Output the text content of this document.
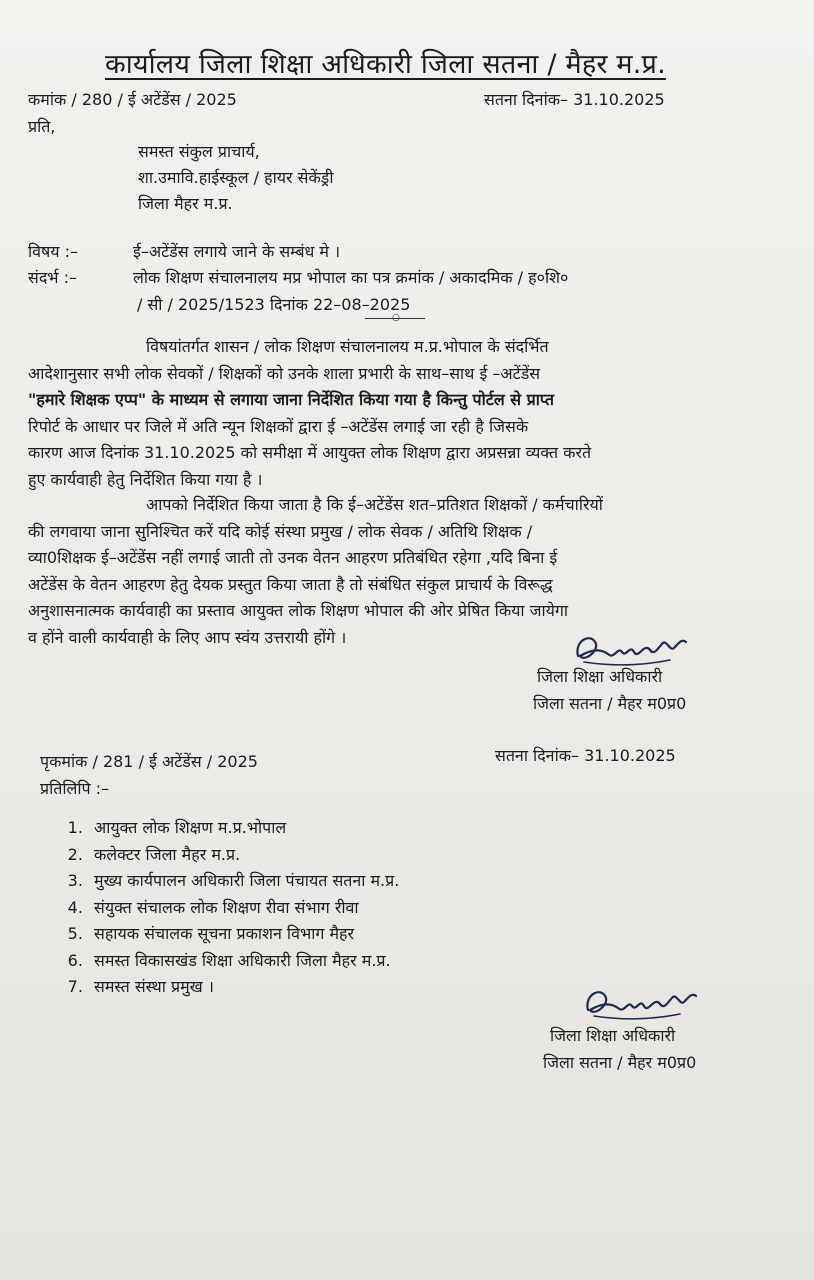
कार्यालय जिला शिक्षा अधिकारी जिला सतना / मैहर म.प्र.
कमांक / 280 / ई अटेंडेंस / 2025	सतना दिनांक– 31.10.2025
प्रति,
समस्त संकुल प्राचार्य,
शा.उमावि.हाईस्कूल / हायर सेकेंड्री
जिला मैहर म.प्र.
विषय :–	ई–अटेंडेंस लगाये जाने के सम्बंध मे ।
संदर्भ :–	लोक शिक्षण संचालनालय मप्र भोपाल का पत्र क्रमांक / अकादमिक / ह०शि०
/ सी / 2025/1523 दिनांक 22–08–2025
○
विषयांतर्गत शासन / लोक शिक्षण संचालनालय म.प्र.भोपाल के संदर्भित
आदेशानुसार सभी लोक सेवकों / शिक्षकों को उनके शाला प्रभारी के साथ–साथ ई –अटेंडेंस
"हमारे शिक्षक एप्प" के माध्यम से लगाया जाना निर्देशित किया गया है किन्तु पोर्टल से प्राप्त
रिपोर्ट के आधार पर जिले में अति न्यून शिक्षकों द्वारा ई –अटेंडेंस लगाई जा रही है जिसके
कारण आज दिनांक 31.10.2025 को समीक्षा में आयुक्त लोक शिक्षण द्वारा अप्रसन्ना व्यक्त करते
हुए कार्यवाही हेतु निर्देशित किया गया है ।
आपको निर्देशित किया जाता है कि ई–अटेंडेंस शत–प्रतिशत शिक्षकों / कर्मचारियों
की लगवाया जाना सुनिश्चित करें यदि कोई संस्था प्रमुख / लोक सेवक / अतिथि शिक्षक /
व्या0शिक्षक ई–अटेंडेंस नहीं लगाई जाती तो उनक वेतन आहरण प्रतिबंधित रहेगा ,यदि बिना ई
अटेंडेंस के वेतन आहरण हेतु देयक प्रस्तुत किया जाता है तो संबंधित संकुल प्राचार्य के विरूद्ध
अनुशासनात्मक कार्यवाही का प्रस्ताव आयुक्त लोक शिक्षण भोपाल की ओर प्रेषित किया जायेगा
व होंने वाली कार्यवाही के लिए आप स्वंय उत्तरायी होंगे ।
जिला शिक्षा अधिकारी
जिला सतना / मैहर म0प्र0
पृकमांक / 281 / ई अटेंडेंस / 2025	सतना दिनांक– 31.10.2025
प्रतिलिपि :–
1. आयुक्त लोक शिक्षण म.प्र.भोपाल
2. कलेक्टर जिला मैहर म.प्र.
3. मुख्य कार्यपालन अधिकारी जिला पंचायत सतना म.प्र.
4. संयुक्त संचालक लोक शिक्षण रीवा संभाग रीवा
5. सहायक संचालक सूचना प्रकाशन विभाग मैहर
6. समस्त विकासखंड शिक्षा अधिकारी जिला मैहर म.प्र.
7. समस्त संस्था प्रमुख ।
जिला शिक्षा अधिकारी
जिला सतना / मैहर म0प्र0
